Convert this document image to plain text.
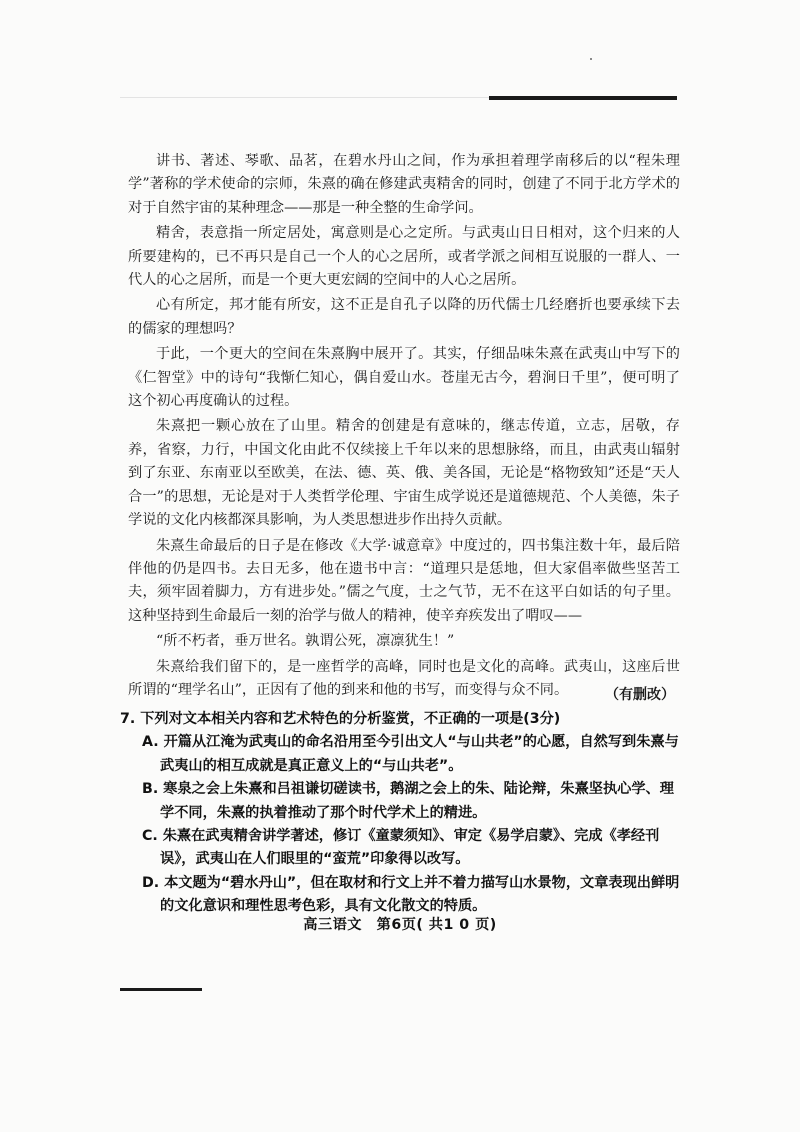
讲书、著述、琴歌、品茗，在碧水丹山之间，作为承担着理学南移后的以“程朱理学”著称的学术使命的宗师，朱熹的确在修建武夷精舍的同时，创建了不同于北方学术的对于自然宇宙的某种理念——那是一种全整的生命学问。

精舍，表意指一所定居处，寓意则是心之定所。与武夷山日日相对，这个归来的人所要建构的，已不再只是自己一个人的心之居所，或者学派之间相互说服的一群人、一代人的心之居所，而是一个更大更宏阔的空间中的人心之居所。

心有所定，邦才能有所安，这不正是自孔子以降的历代儒士几经磨折也要承续下去的儒家的理想吗？

于此，一个更大的空间在朱熹胸中展开了。其实，仔细品味朱熹在武夷山中写下的《仁智堂》中的诗句“我惭仁知心，偶自爱山水。苍崖无古今，碧涧日千里”，便可明了这个初心再度确认的过程。

朱熹把一颗心放在了山里。精舍的创建是有意味的，继志传道，立志，居敬，存养，省察，力行，中国文化由此不仅续接上千年以来的思想脉络，而且，由武夷山辐射到了东亚、东南亚以至欧美，在法、德、英、俄、美各国，无论是“格物致知”还是“天人合一”的思想，无论是对于人类哲学伦理、宇宙生成学说还是道德规范、个人美德，朱子学说的文化内核都深具影响，为人类思想进步作出持久贡献。

朱熹生命最后的日子是在修改《大学·诚意章》中度过的，四书集注数十年，最后陪伴他的仍是四书。去日无多，他在遗书中言：“道理只是恁地，但大家倡率做些坚苦工夫，须牢固着脚力，方有进步处。”儒之气度，士之气节，无不在这平白如话的句子里。这种坚持到生命最后一刻的治学与做人的精神，使辛弃疾发出了喟叹——

“所不朽者，垂万世名。孰谓公死，凛凛犹生！”

朱熹给我们留下的，是一座哲学的高峰，同时也是文化的高峰。武夷山，这座后世所谓的“理学名山”，正因有了他的到来和他的书写，而变得与众不同。	（有删改）

7. 下列对文本相关内容和艺术特色的分析鉴赏，不正确的一项是(3分)

A. 开篇从江淹为武夷山的命名沿用至今引出文人“与山共老”的心愿，自然写到朱熹与武夷山的相互成就是真正意义上的“与山共老”。

B. 寒泉之会上朱熹和吕祖谦切磋读书，鹅湖之会上的朱、陆论辩，朱熹坚执心学、理学不同，朱熹的执着推动了那个时代学术上的精进。

C. 朱熹在武夷精舍讲学著述，修订《童蒙须知》、审定《易学启蒙》、完成《孝经刊误》，武夷山在人们眼里的“蛮荒”印象得以改写。

D. 本文题为“碧水丹山”，但在取材和行文上并不着力描写山水景物，文章表现出鲜明的文化意识和理性思考色彩，具有文化散文的特质。

高三语文　第6页( 共1 0 页)
